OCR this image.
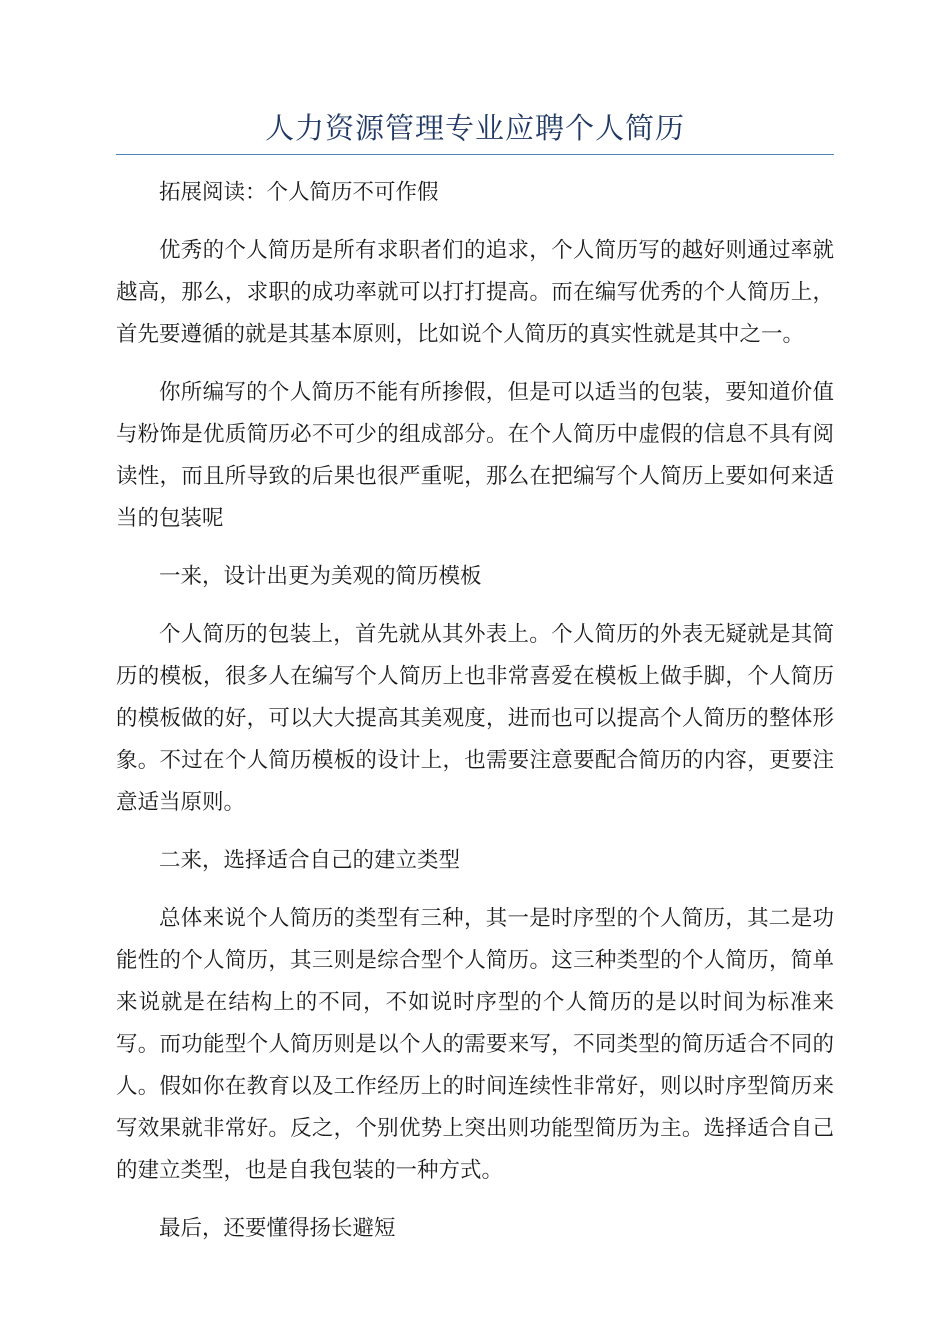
人力资源管理专业应聘个人简历

拓展阅读：个人简历不可作假

优秀的个人简历是所有求职者们的追求，个人简历写的越好则通过率就越高，那么，求职的成功率就可以打打提高。而在编写优秀的个人简历上，首先要遵循的就是其基本原则，比如说个人简历的真实性就是其中之一。

你所编写的个人简历不能有所掺假，但是可以适当的包装，要知道价值与粉饰是优质简历必不可少的组成部分。在个人简历中虚假的信息不具有阅读性，而且所导致的后果也很严重呢，那么在把编写个人简历上要如何来适当的包装呢

一来，设计出更为美观的简历模板

个人简历的包装上，首先就从其外表上。个人简历的外表无疑就是其简历的模板，很多人在编写个人简历上也非常喜爱在模板上做手脚，个人简历的模板做的好，可以大大提高其美观度，进而也可以提高个人简历的整体形象。不过在个人简历模板的设计上，也需要注意要配合简历的内容，更要注意适当原则。

二来，选择适合自己的建立类型

总体来说个人简历的类型有三种，其一是时序型的个人简历，其二是功能性的个人简历，其三则是综合型个人简历。这三种类型的个人简历，简单来说就是在结构上的不同，不如说时序型的个人简历的是以时间为标准来写。而功能型个人简历则是以个人的需要来写，不同类型的简历适合不同的人。假如你在教育以及工作经历上的时间连续性非常好，则以时序型简历来写效果就非常好。反之，个别优势上突出则功能型简历为主。选择适合自己的建立类型，也是自我包装的一种方式。

最后，还要懂得扬长避短
